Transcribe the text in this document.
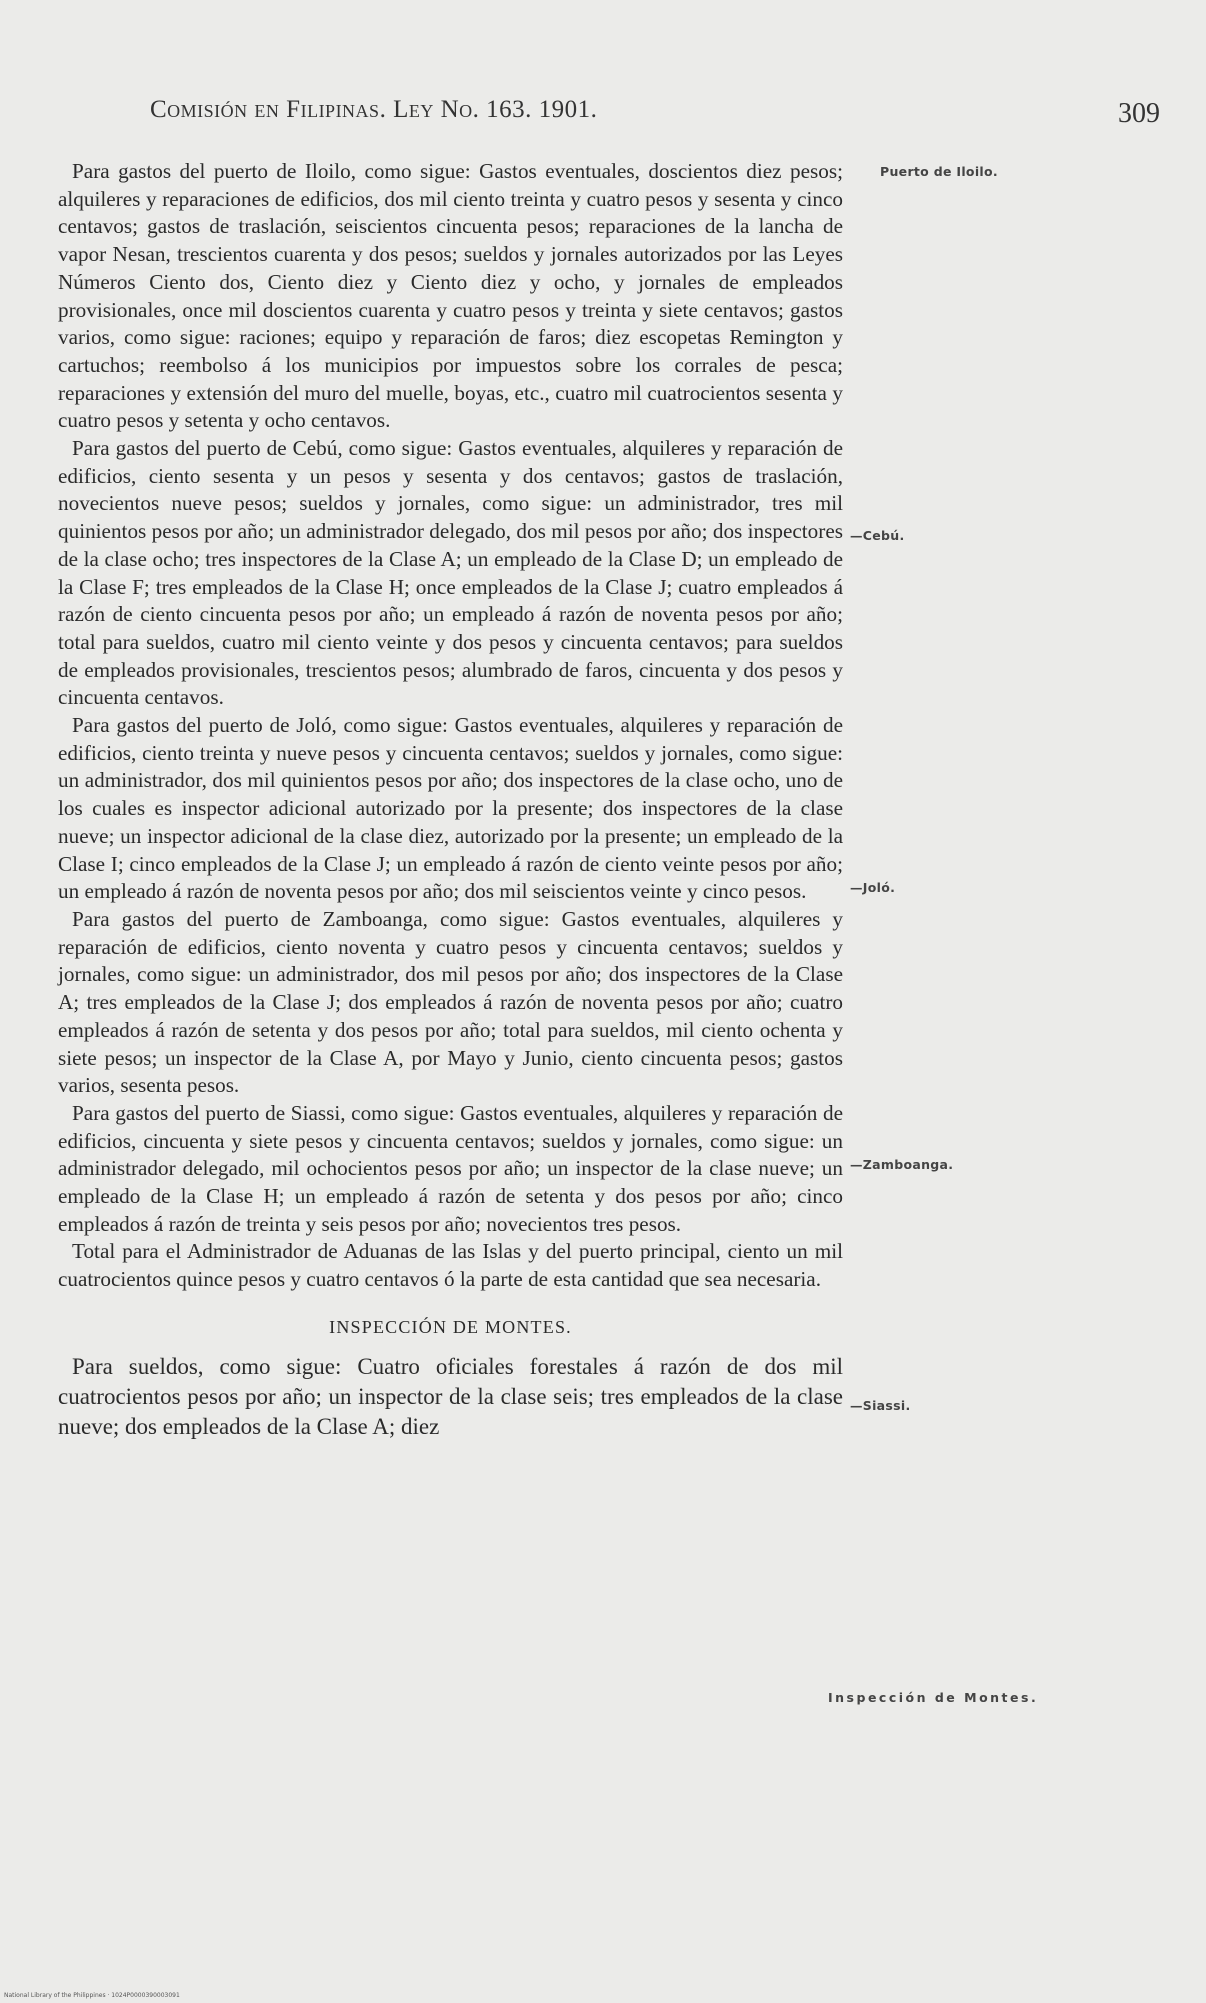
Comisión en Filipinas. Ley No. 163. 1901.	309

Para gastos del puerto de Iloilo, como sigue: Gastos eventuales, doscientos diez pesos; alquileres y reparaciones de edificios, dos mil ciento treinta y cuatro pesos y sesenta y cinco centavos; gastos de traslación, seiscientos cincuenta pesos; reparaciones de la lancha de vapor Nesan, trescientos cuarenta y dos pesos; sueldos y jornales autorizados por las Leyes Números Ciento dos, Ciento diez y Ciento diez y ocho, y jornales de empleados provisionales, once mil doscientos cuarenta y cuatro pesos y treinta y siete centavos; gastos varios, como sigue: raciones; equipo y reparación de faros; diez escopetas Remington y cartuchos; reembolso á los municipios por impuestos sobre los corrales de pesca; reparaciones y extensión del muro del muelle, boyas, etc., cuatro mil cuatrocientos sesenta y cuatro pesos y setenta y ocho centavos.

Para gastos del puerto de Cebú, como sigue: Gastos eventuales, alquileres y reparación de edificios, ciento sesenta y un pesos y sesenta y dos centavos; gastos de traslación, novecientos nueve pesos; sueldos y jornales, como sigue: un administrador, tres mil quinientos pesos por año; un administrador delegado, dos mil pesos por año; dos inspectores de la clase ocho; tres inspectores de la Clase A; un empleado de la Clase D; un empleado de la Clase F; tres empleados de la Clase H; once empleados de la Clase J; cuatro empleados á razón de ciento cincuenta pesos por año; un empleado á razón de noventa pesos por año; total para sueldos, cuatro mil ciento veinte y dos pesos y cincuenta centavos; para sueldos de empleados provisionales, trescientos pesos; alumbrado de faros, cincuenta y dos pesos y cincuenta centavos.

Para gastos del puerto de Joló, como sigue: Gastos eventuales, alquileres y reparación de edificios, ciento treinta y nueve pesos y cincuenta centavos; sueldos y jornales, como sigue: un administrador, dos mil quinientos pesos por año; dos inspectores de la clase ocho, uno de los cuales es inspector adicional autorizado por la presente; dos inspectores de la clase nueve; un inspector adicional de la clase diez, autorizado por la presente; un empleado de la Clase I; cinco empleados de la Clase J; un empleado á razón de ciento veinte pesos por año; un empleado á razón de noventa pesos por año; dos mil seiscientos veinte y cinco pesos.

Para gastos del puerto de Zamboanga, como sigue: Gastos eventuales, alquileres y reparación de edificios, ciento noventa y cuatro pesos y cincuenta centavos; sueldos y jornales, como sigue: un administrador, dos mil pesos por año; dos inspectores de la Clase A; tres empleados de la Clase J; dos empleados á razón de noventa pesos por año; cuatro empleados á razón de setenta y dos pesos por año; total para sueldos, mil ciento ochenta y siete pesos; un inspector de la Clase A, por Mayo y Junio, ciento cincuenta pesos; gastos varios, sesenta pesos.

Para gastos del puerto de Siassi, como sigue: Gastos eventuales, alquileres y reparación de edificios, cincuenta y siete pesos y cincuenta centavos; sueldos y jornales, como sigue: un administrador delegado, mil ochocientos pesos por año; un inspector de la clase nueve; un empleado de la Clase H; un empleado á razón de setenta y dos pesos por año; cinco empleados á razón de treinta y seis pesos por año; novecientos tres pesos.

Total para el Administrador de Aduanas de las Islas y del puerto principal, ciento un mil cuatrocientos quince pesos y cuatro centavos ó la parte de esta cantidad que sea necesaria.

INSPECCIÓN DE MONTES.

Para sueldos, como sigue: Cuatro oficiales forestales á razón de dos mil cuatrocientos pesos por año; un inspector de la clase seis; tres empleados de la clase nueve; dos empleados de la Clase A; diez

Puerto de Iloilo.
—Cebú.
—Joló.
—Zamboanga.
—Siassi.
Inspección de Montes.
National Library of the Philippines · 1024P0000390003091
